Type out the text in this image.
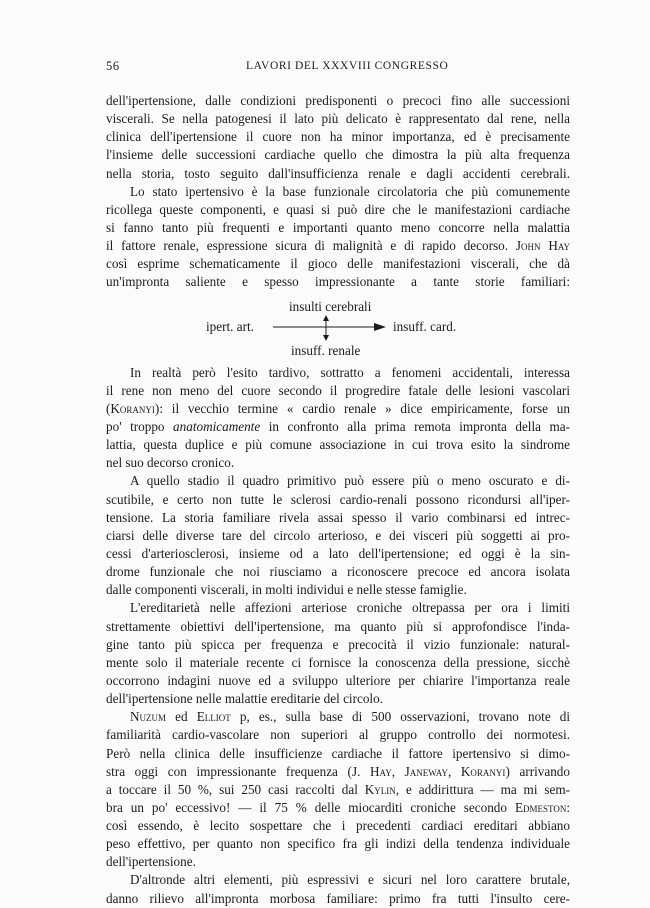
56	LAVORI DEL XXXVIII CONGRESSO
dell'ipertensione, dalle condizioni predisponenti o precoci fino alle successioni
viscerali. Se nella patogenesi il lato più delicato è rappresentato dal rene, nella
clinica dell'ipertensione il cuore non ha minor importanza, ed è precisamente
l'insieme delle successioni cardiache quello che dimostra la più alta frequenza
nella storia, tosto seguito dall'insufficienza renale e dagli accidenti cerebrali.
Lo stato ipertensivo è la base funzionale circolatoria che più comunemente
ricollega queste componenti, e quasi si può dire che le manifestazioni cardiache
si fanno tanto più frequenti e importanti quanto meno concorre nella malattia
il fattore renale, espressione sicura di malignità e di rapido decorso. John Hay
così esprime schematicamente il gioco delle manifestazioni viscerali, che dà
un'impronta saliente e spesso impressionante a tante storie familiari:
insulti cerebrali
ipert. art.	insuff. card.
insuff. renale
In realtà però l'esito tardivo, sottratto a fenomeni accidentali, interessa
il rene non meno del cuore secondo il progredire fatale delle lesioni vascolari
(Koranyi): il vecchio termine « cardio renale » dice empiricamente, forse un
po' troppo anatomicamente in confronto alla prima remota impronta della ma-
lattia, questa duplice e più comune associazione in cui trova esito la sindrome
nel suo decorso cronico.
A quello stadio il quadro primitivo può essere più o meno oscurato e di-
scutibile, e certo non tutte le sclerosi cardio-renali possono ricondursi all'iper-
tensione. La storia familiare rivela assai spesso il vario combinarsi ed intrec-
ciarsi delle diverse tare del circolo arterioso, e dei visceri più soggetti ai pro-
cessi d'arteriosclerosi, insieme od a lato dell'ipertensione; ed oggi è la sin-
drome funzionale che noi riusciamo a riconoscere precoce ed ancora isolata
dalle componenti viscerali, in molti individui e nelle stesse famiglie.
L'ereditarietà nelle affezioni arteriose croniche oltrepassa per ora i limiti
strettamente obiettivi dell'ipertensione, ma quanto più si approfondisce l'inda-
gine tanto più spicca per frequenza e precocità il vizio funzionale: natural-
mente solo il materiale recente ci fornisce la conoscenza della pressione, sicchè
occorrono indagini nuove ed a sviluppo ulteriore per chiarire l'importanza reale
dell'ipertensione nelle malattie ereditarie del circolo.
Nuzum ed Elliot p, es., sulla base di 500 osservazioni, trovano note di
familiarità cardio-vascolare non superiori al gruppo controllo dei normotesi.
Però nella clinica delle insufficienze cardiache il fattore ipertensivo si dimo-
stra oggi con impressionante frequenza (J. Hay, Janeway, Koranyi) arrivando
a toccare il 50 %, sui 250 casi raccolti dal Kylin, e addirittura — ma mi sem-
bra un po' eccessivo! — il 75 % delle miocarditi croniche secondo Edmeston:
così essendo, è lecito sospettare che i precedenti cardiaci ereditari abbiano
peso effettivo, per quanto non specifico fra gli indizi della tendenza individuale
dell'ipertensione.
D'altronde altri elementi, più espressivi e sicuri nel loro carattere brutale,
danno rilievo all'impronta morbosa familiare: primo fra tutti l'insulto cere-
